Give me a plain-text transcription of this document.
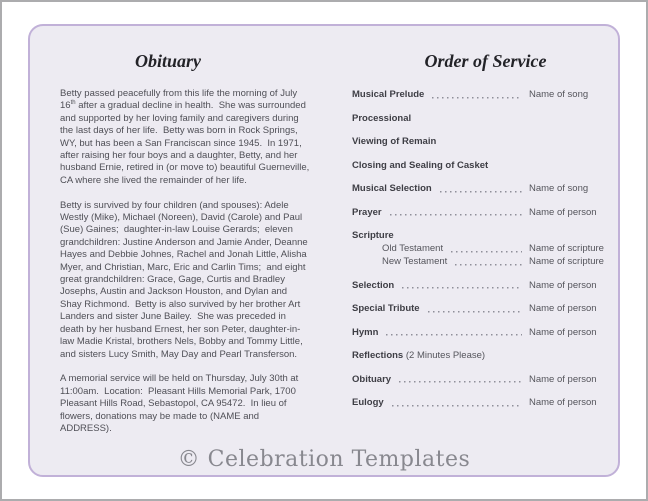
Obituary

Betty passed peacefully from this life the morning of July 16th after a gradual decline in health.  She was surrounded and supported by her loving family and caregivers during the last days of her life.  Betty was born in Rock Springs, WY, but has been a San Franciscan since 1945.  In 1971, after raising her four boys and a daughter, Betty, and her husband Ernie, retired in (or move to) beautiful Guerneville, CA where she lived the remainder of her life.

Betty is survived by four children (and spouses): Adele Westly (Mike), Michael (Noreen), David (Carole) and Paul (Sue) Gaines;  daughter-in-law Louise Gerards;  eleven grandchildren: Justine Anderson and Jamie Ander, Deanne Hayes and Debbie Johnes, Rachel and Jonah Little, Alisha Myer, and Christian, Marc, Eric and Carlin Tims;  and eight great grandchildren: Grace, Gage, Curtis and Bradley Josephs, Austin and Jackson Houston, and Dylan and Shay Richmond.  Betty is also survived by her brother Art Landers and sister June Bailey.  She was preceded in death by her husband Ernest, her son Peter, daughter-in-law Madie Kristal, brothers Nels, Bobby and Tommy Little, and sisters Lucy Smith, May Day and Pearl Transferson.

A memorial service will be held on Thursday, July 30th at 11:00am.  Location:  Pleasant Hills Memorial Park, 1700 Pleasant Hills Road, Sebastopol, CA 95472.  In lieu of flowers, donations may be made to (NAME and ADDRESS).

Order of Service
Musical Prelude	Name of song
Processional
Viewing of Remain
Closing and Sealing of Casket
Musical Selection	Name of song
Prayer	Name of person
Scripture
Old Testament	Name of scripture
New Testament	Name of scripture
Selection	Name of person
Special Tribute	Name of person
Hymn	Name of person
Reflections (2 Minutes Please)
Obituary	Name of person
Eulogy	Name of person
© Celebration Templates
